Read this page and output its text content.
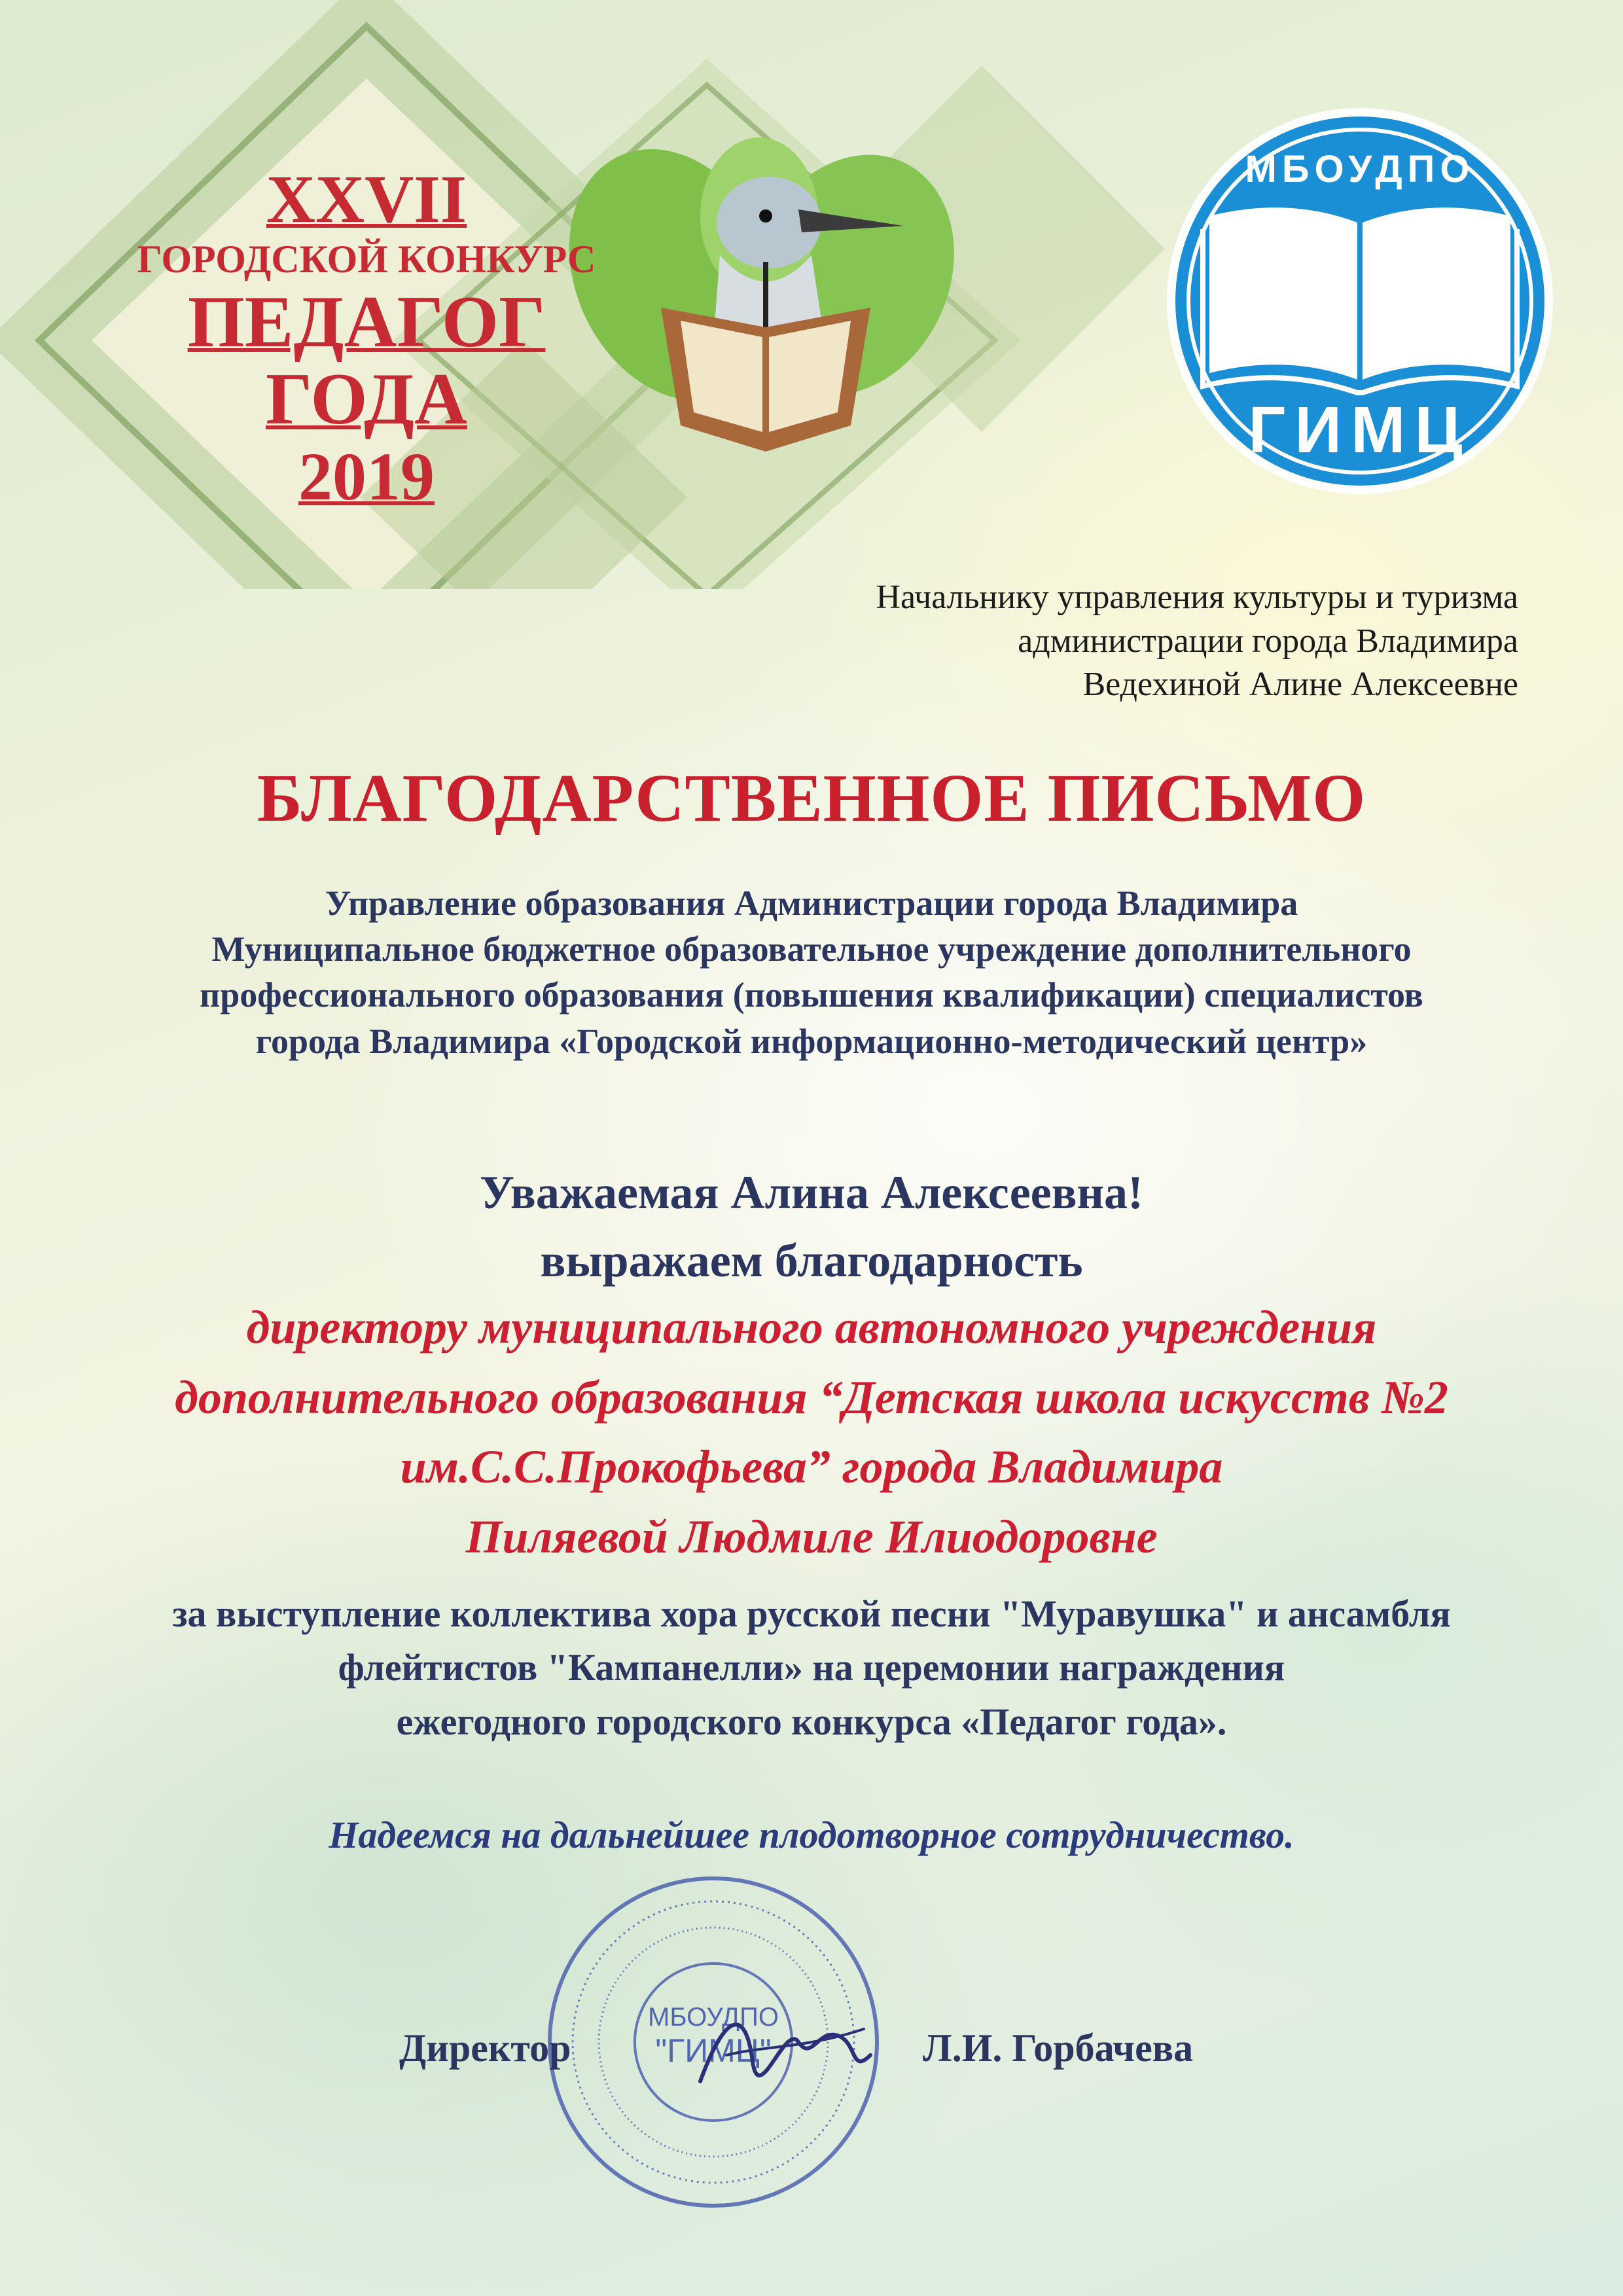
XXVII
ГОРОДСКОЙ КОНКУРС
ПЕДАГОГ ГОДА
2019
МБОУДПО
ГИМЦ
Начальнику управления культуры и туризма
администрации города Владимира
Ведехиной Алине Алексеевне
БЛАГОДАРСТВЕННОЕ ПИСЬМО
Управление образования Администрации города Владимира
Муниципальное бюджетное образовательное учреждение дополнительного
профессионального образования (повышения квалификации) специалистов
города Владимира «Городской информационно-методический центр»
Уважаемая Алина Алексеевна!
выражаем благодарность
директору муниципального автономного учреждения
дополнительного образования “Детская школа искусств №2
им.С.С.Прокофьева” города Владимира
Пиляевой Людмиле Илиодоровне
за выступление коллектива хора русской песни "Муравушка" и ансамбля
флейтистов "Кампанелли» на церемонии награждения
ежегодного городского конкурса «Педагог года».
Надеемся на дальнейшее плодотворное сотрудничество.
МБОУДПО
"ГИМЦ"
Директор	Л.И. Горбачева
